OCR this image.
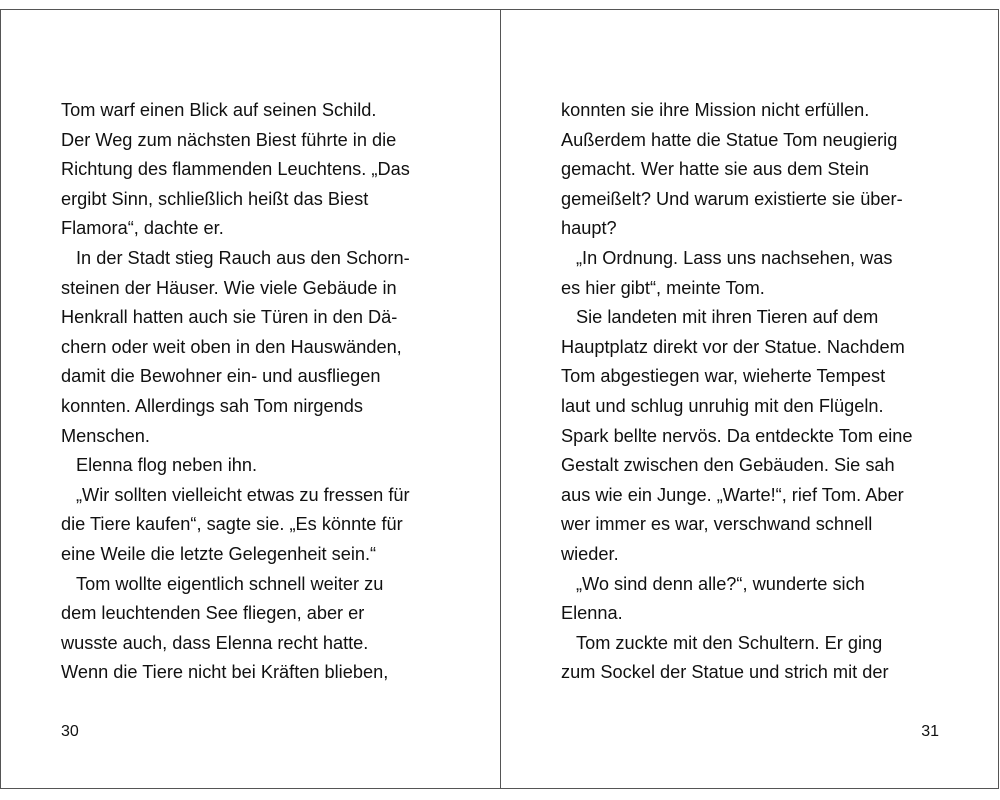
Tom warf einen Blick auf seinen Schild.
Der Weg zum nächsten Biest führte in die
Richtung des flammenden Leuchtens. „Das
ergibt Sinn, schließlich heißt das Biest
Flamora“, dachte er.
In der Stadt stieg Rauch aus den Schorn-
steinen der Häuser. Wie viele Gebäude in
Henkrall hatten auch sie Türen in den Dä-
chern oder weit oben in den Hauswänden,
damit die Bewohner ein- und ausfliegen
konnten. Allerdings sah Tom nirgends
Menschen.
Elenna flog neben ihn.
„Wir sollten vielleicht etwas zu fressen für
die Tiere kaufen“, sagte sie. „Es könnte für
eine Weile die letzte Gelegenheit sein.“
Tom wollte eigentlich schnell weiter zu
dem leuchtenden See fliegen, aber er
wusste auch, dass Elenna recht hatte.
Wenn die Tiere nicht bei Kräften blieben,
konnten sie ihre Mission nicht erfüllen.
Außerdem hatte die Statue Tom neugierig
gemacht. Wer hatte sie aus dem Stein
gemeißelt? Und warum existierte sie über-
haupt?
„In Ordnung. Lass uns nachsehen, was
es hier gibt“, meinte Tom.
Sie landeten mit ihren Tieren auf dem
Hauptplatz direkt vor der Statue. Nachdem
Tom abgestiegen war, wieherte Tempest
laut und schlug unruhig mit den Flügeln.
Spark bellte nervös. Da entdeckte Tom eine
Gestalt zwischen den Gebäuden. Sie sah
aus wie ein Junge. „Warte!“, rief Tom. Aber
wer immer es war, verschwand schnell
wieder.
„Wo sind denn alle?“, wunderte sich
Elenna.
Tom zuckte mit den Schultern. Er ging
zum Sockel der Statue und strich mit der
30	31
